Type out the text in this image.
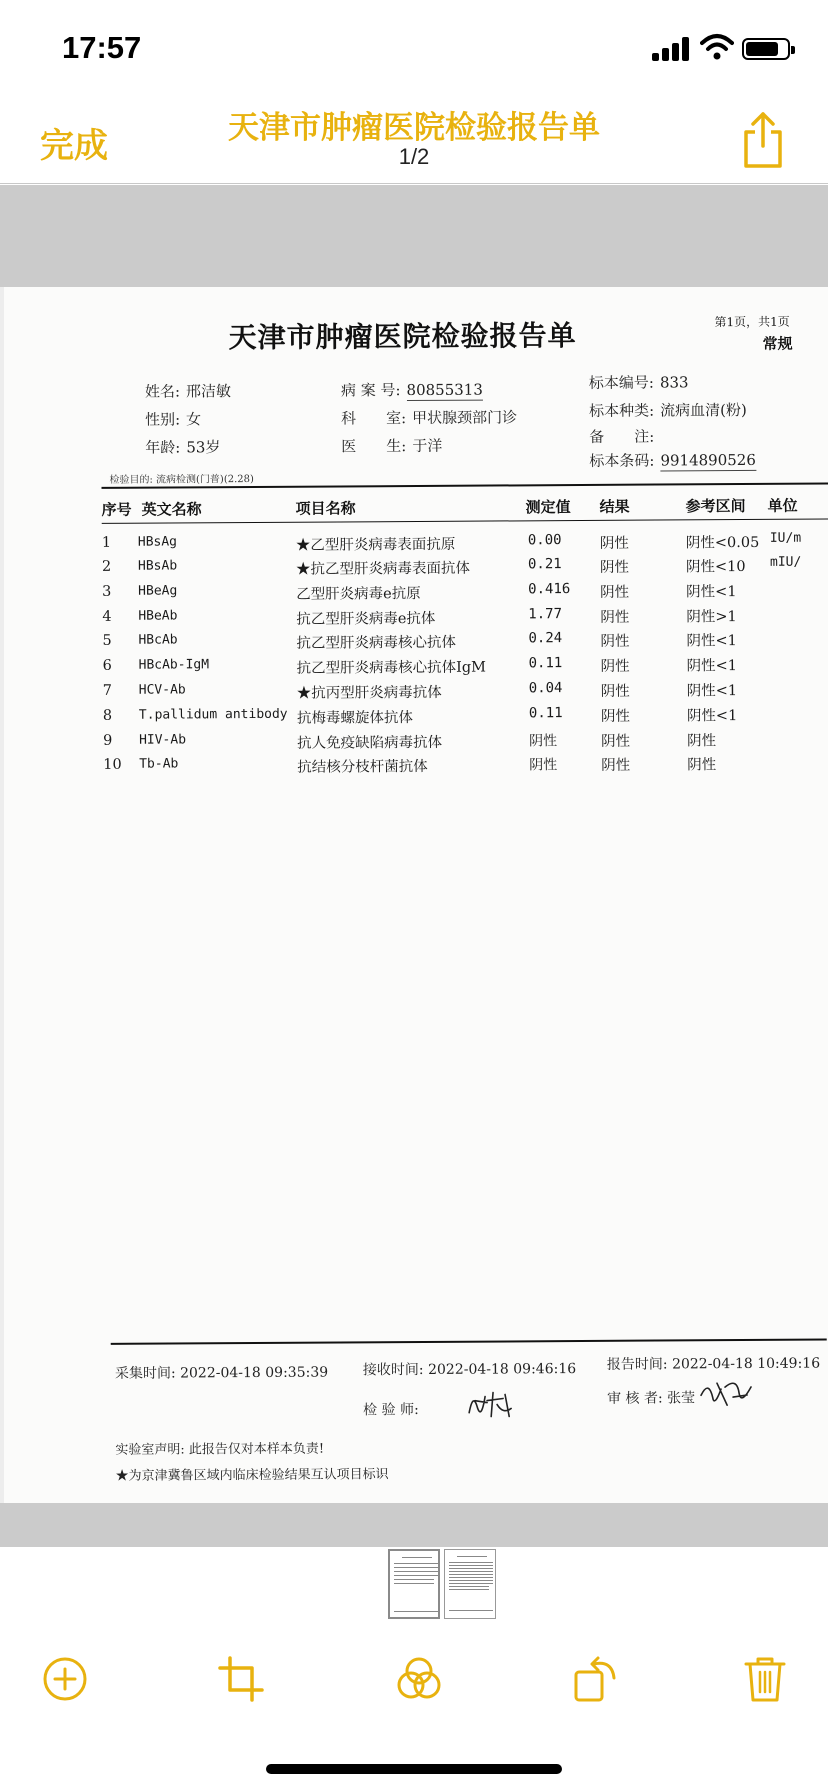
17:57
天津市肿瘤医院检验报告单
1/2
完成
天津市肿瘤医院检验报告单	第1页，共1页
常规
姓名: 邢洁敏
性别: 女
年龄: 53岁
病 案 号: 80855313
科　　室: 甲状腺颈部门诊
医　　生: 于洋
标本编号: 833
标本种类: 流病血清(粉)
备　　注:
标本条码: 9914890526
检验目的: 流病检测(门普)(2.28)
序号 英文名称	项目名称	测定值 结果	参考区间 单位
1 HBsAg	★乙型肝炎病毒表面抗原	0.00	阴性	阴性<0.05 IU/m
2 HBsAb	★抗乙型肝炎病毒表面抗体	0.21	阴性	阴性<10 mIU/
3 HBeAg	乙型肝炎病毒e抗原	0.416 阴性	阴性<1
4 HBeAb	抗乙型肝炎病毒e抗体	1.77	阴性	阴性>1
5 HBcAb	抗乙型肝炎病毒核心抗体	0.24	阴性	阴性<1
6 HBcAb-IgM	抗乙型肝炎病毒核心抗体IgM	0.11	阴性	阴性<1
7 HCV-Ab	★抗丙型肝炎病毒抗体	0.04	阴性	阴性<1
8 T.pallidum antibody 抗梅毒螺旋体抗体	0.11	阴性	阴性<1
9 HIV-Ab	抗人免疫缺陷病毒抗体	阴性	阴性	阴性
10 Tb-Ab	抗结核分枝杆菌抗体	阴性	阴性	阴性
采集时间: 2022-04-18 09:35:39 接收时间: 2022-04-18 09:46:16 报告时间: 2022-04-18 10:49:16
检 验 师:
审 核 者: 张莹
实验室声明: 此报告仅对本样本负责!
★为京津冀鲁区域内临床检验结果互认项目标识
